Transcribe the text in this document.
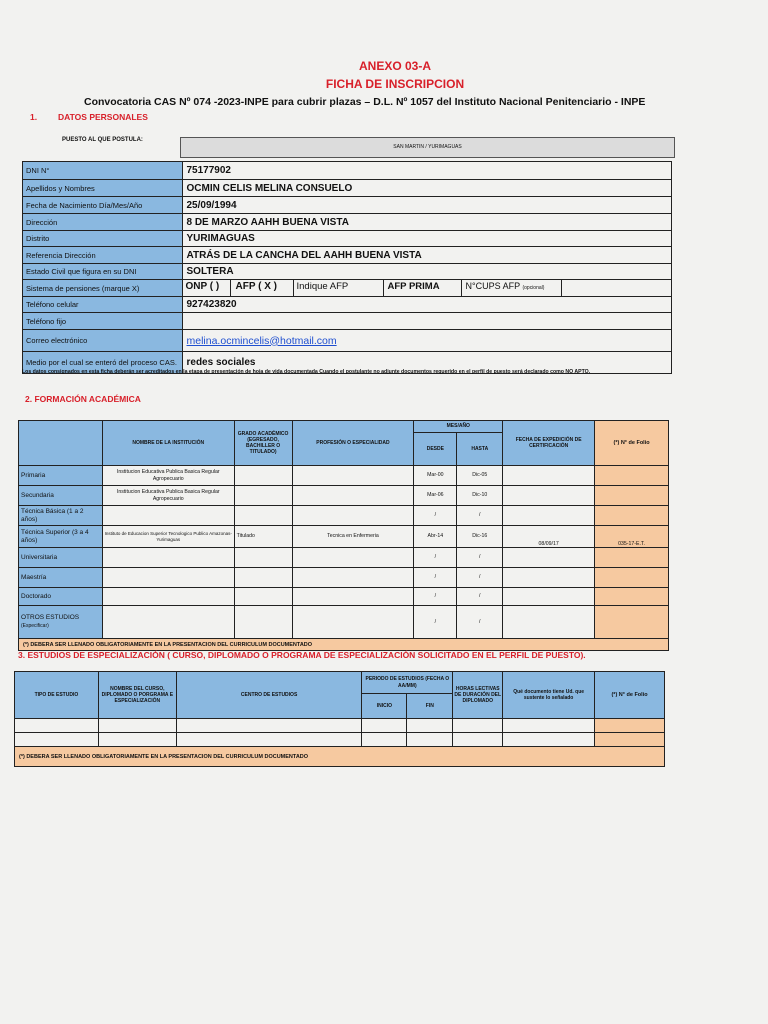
ANEXO 03-A
FICHA DE INSCRIPCION
Convocatoria CAS Nº 074 -2023-INPE para cubrir plazas – D.L. Nº 1057 del Instituto Nacional Penitenciario - INPE
1. DATOS PERSONALES
PUESTO AL QUE POSTULA:
SAN MARTIN / YURIMAGUAS
DNI N°	75177902
Apellidos y Nombres	OCMIN CELIS MELINA CONSUELO
Fecha de Nacimiento Día/Mes/Año	25/09/1994
Dirección	8 DE MARZO AAHH BUENA VISTA
Distrito	YURIMAGUAS
Referencia Dirección	ATRÁS DE LA CANCHA DEL AAHH BUENA VISTA
Estado Civil que figura en su DNI	SOLTERA
Sistema de pensiones (marque X)	ONP ( ) AFP ( X ) Indique AFP AFP PRIMA N°CUPS AFP (opcional)

Teléfono celular	927423820
Teléfono fijo	
Correo electrónico	melina.ocmincelis@hotmail.com
Medio por el cual se enteró del proceso CAS.	redes sociales
Los datos consignados en esta ficha deberán ser acreditados en la etapa de presentación de hoja de vida documentada Cuando el postulante no adjunte documentos requerido en el perfil de puesto será declarado como NO APTO.
2. FORMACIÓN ACADÉMICA
	NOMBRE DE LA INSTITUCIÓN	GRADO ACADÉMICO (EGRESADO, BACHILLER O TITULADO)	PROFESIÓN O ESPECIALIDAD	MES/AÑO		FECHA DE EXPEDICIÓN DE CERTIFICACIÓN	(*) N° de Folio
				DESDE	HASTA		
Primaria	Institucion Educativa Publica Basica Regular Agropecuario			Mar-00	Dic-05		
Secundaria	Institucion Educativa Publica Basica Regular Agropecuario			Mar-06	Dic-10		
Técnica Básica (1 a 2 años)				/	/		
Técnica Superior (3 a 4 años)	Instituto de Educacion Superior Tecnologico Publico Amazonas-Yurimaguas	Titulado	Tecnica en Enfermeria	Abr-14	Dic-16	08/09/17	035-17-E.T.
Universitaria				/	/		
Maestría				/	/		
Doctorado				/	/		
OTROS ESTUDIOS
(Especificar)				/	/		
(*) DEBERA SER LLENADO OBLIGATORIAMENTE EN LA PRESENTACION DEL CURRICULUM DOCUMENTADO							
3. ESTUDIOS DE ESPECIALIZACIÓN ( CURSO, DIPLOMADO O PROGRAMA DE ESPECIALIZACIÓN SOLICITADO EN EL PERFIL DE PUESTO).
TIPO DE ESTUDIO	NOMBRE DEL CURSO, DIPLOMADO O PORGRAMA E ESPECIALIZACIÓN	CENTRO DE ESTUDIOS	PERIODO DE ESTUDIOS (FECHA O AA/MM)		HORAS LECTIVAS DE DURACIÓN DEL DIPLOMADO	Qué documento tiene Ud. que sustente lo señalado	(*) N° de Folio
			INICIO	FIN			

(*) DEBERA SER LLENADO OBLIGATORIAMENTE EN LA PRESENTACION DEL CURRICULUM DOCUMENTADO							
